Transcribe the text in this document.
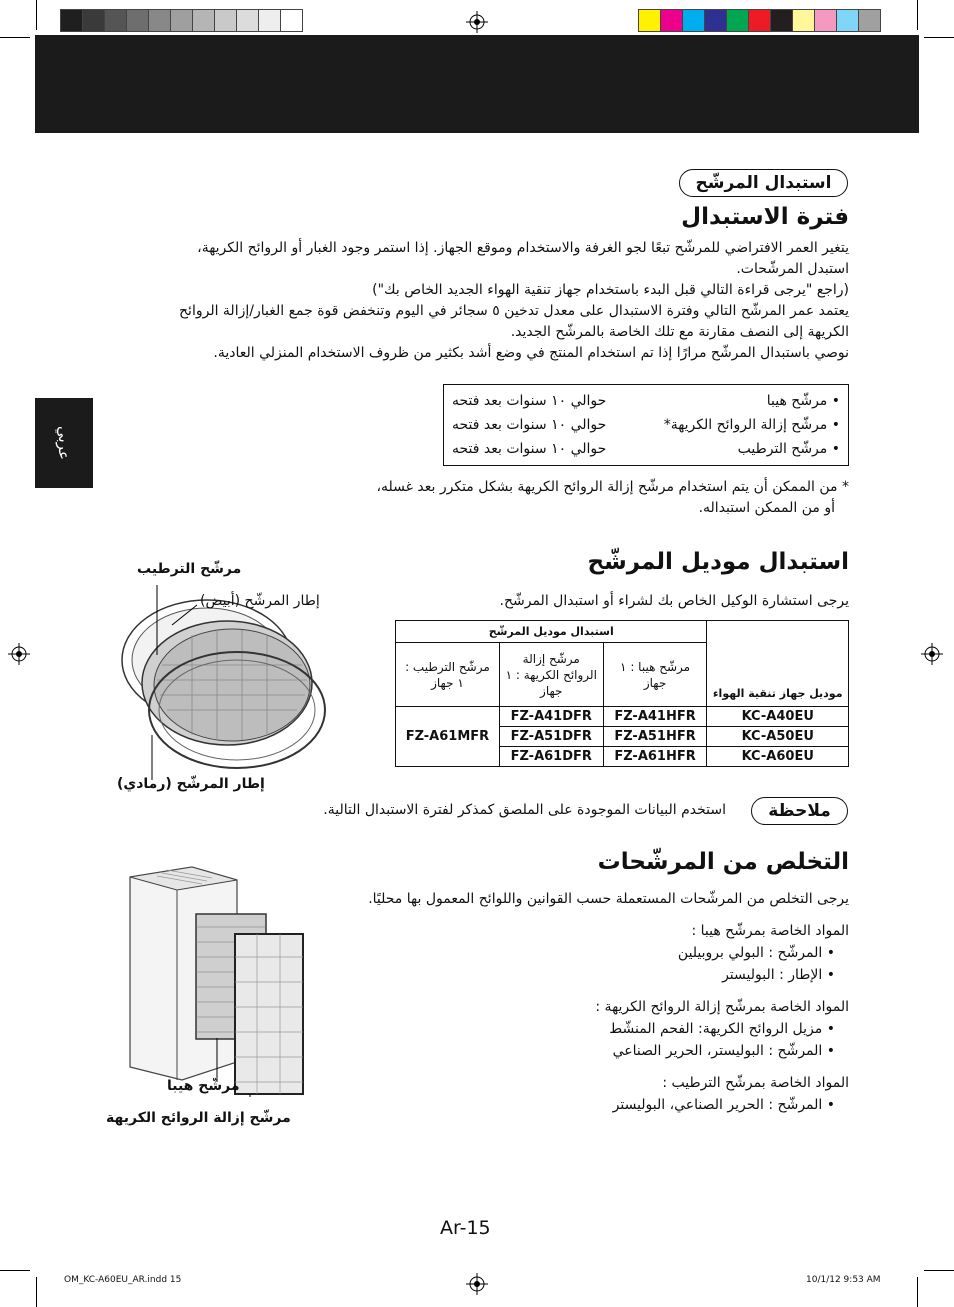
عربي
استبدال المرشّح
فترة الاستبدال
يتغير العمر الافتراضي للمرشّح تبعًا لجو الغرفة والاستخدام وموقع الجهاز. إذا استمر وجود الغبار أو الروائح الكريهة،
استبدل المرشّحات.
(راجع "يرجى قراءة التالي قبل البدء باستخدام جهاز تنقية الهواء الجديد الخاص بك")
يعتمد عمر المرشّح التالي وفترة الاستبدال على معدل تدخين ٥ سجائر في اليوم وتنخفض قوة جمع الغبار/إزالة الروائح
الكريهة إلى النصف مقارنة مع تلك الخاصة بالمرشّح الجديد.
نوصي باستبدال المرشّح مرارًا إذا تم استخدام المنتج في وضع أشد بكثير من ظروف الاستخدام المنزلي العادية.
• مرشّح هيبا
حوالي ١٠ سنوات بعد فتحه
• مرشّح إزالة الروائح الكريهة*
حوالي ١٠ سنوات بعد فتحه
• مرشّح الترطيب
حوالي ١٠ سنوات بعد فتحه
* من الممكن أن يتم استخدام مرشّح إزالة الروائح الكريهة بشكل متكرر بعد غسله،
أو من الممكن استبداله.
استبدال موديل المرشّح
يرجى استشارة الوكيل الخاص بك لشراء أو استبدال المرشّح.
موديل جهاز تنقية الهواء	استبدال موديل المرشّح		
	مرشّح هيبا : ١ جهاز	مرشّح إزالة الروائح الكريهة : ١ جهاز	مرشّح الترطيب : ١ جهاز
KC-A40EU	FZ-A41HFR	FZ-A41DFR	FZ-A61MFR
KC-A50EU	FZ-A51HFR	FZ-A51DFR	
KC-A60EU	FZ-A61HFR	FZ-A61DFR	
مرشّح الترطيب
إطار المرشّح (أبيض)
إطار المرشّح (رمادي)
ملاحظة
استخدم البيانات الموجودة على الملصق كمذكر لفترة الاستبدال التالية.
التخلص من المرشّحات
يرجى التخلص من المرشّحات المستعملة حسب القوانين واللوائح المعمول بها محليًا.
المواد الخاصة بمرشّح هيبا :
• المرشّح : البولي بروبيلين
• الإطار : البوليستر
المواد الخاصة بمرشّح إزالة الروائح الكريهة :
• مزيل الروائح الكريهة: الفحم المنشّط
• المرشّح : البوليستر، الحرير الصناعي
المواد الخاصة بمرشّح الترطيب :
• المرشّح : الحرير الصناعي، البوليستر
مرشّح هيبا
مرشّح إزالة الروائح الكريهة
Ar-15
OM_KC-A60EU_AR.indd 15	10/1/12 9:53 AM
